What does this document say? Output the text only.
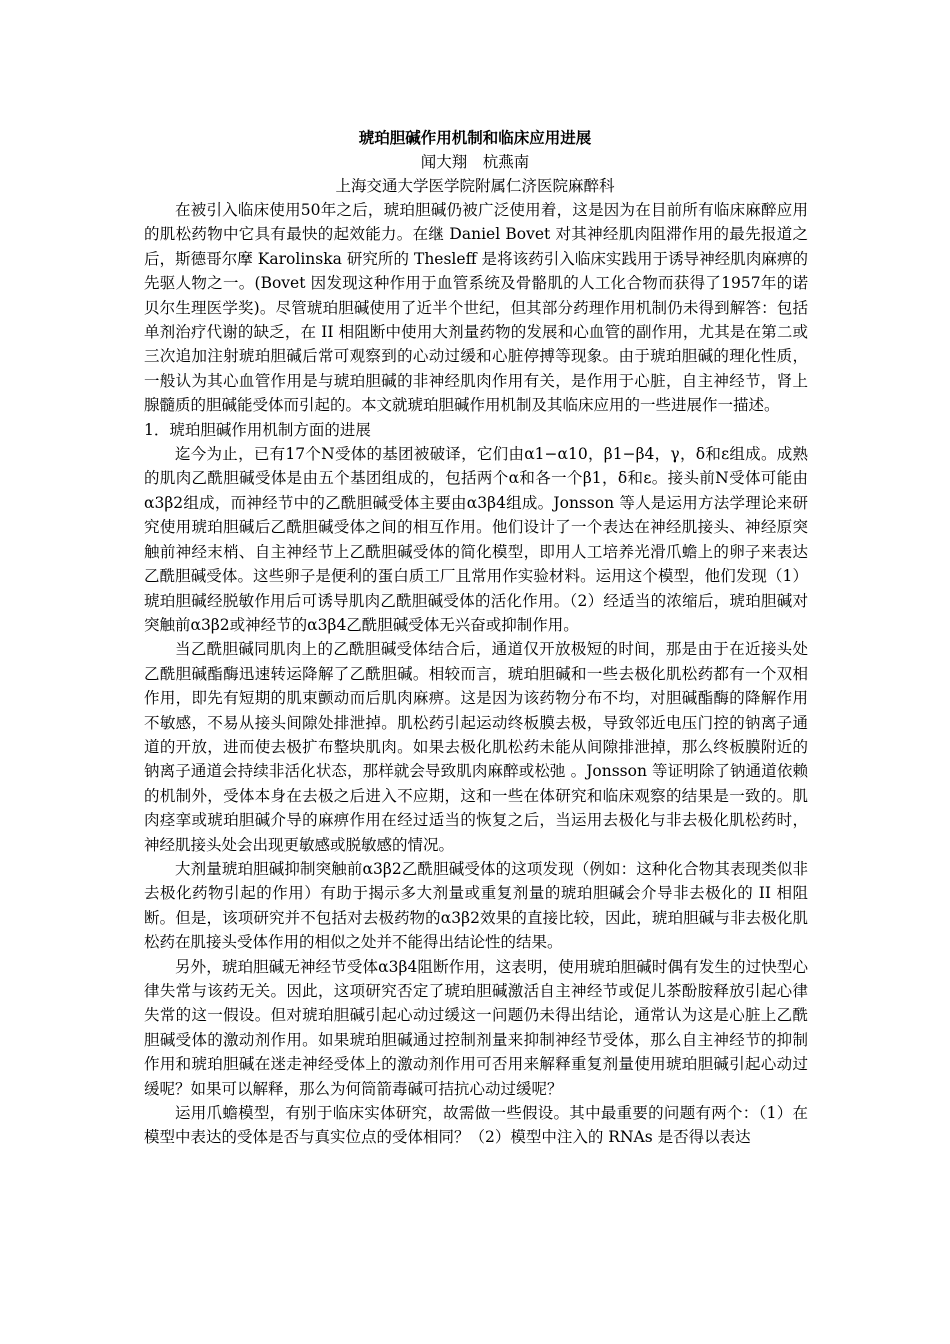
琥珀胆碱作用机制和临床应用进展
闻大翔　杭燕南
上海交通大学医学院附属仁济医院麻醉科

在被引入临床使用50年之后，琥珀胆碱仍被广泛使用着，这是因为在目前所有临床麻醉应用的肌松药物中它具有最快的起效能力。在继 Daniel Bovet 对其神经肌肉阻滞作用的最先报道之后，斯德哥尔摩 Karolinska 研究所的 Thesleff 是将该药引入临床实践用于诱导神经肌肉麻痹的先驱人物之一。(Bovet 因发现这种作用于血管系统及骨骼肌的人工化合物而获得了1957年的诺贝尔生理医学奖)。尽管琥珀胆碱使用了近半个世纪，但其部分药理作用机制仍未得到解答：包括单剂治疗代谢的缺乏，在 II 相阻断中使用大剂量药物的发展和心血管的副作用，尤其是在第二或三次追加注射琥珀胆碱后常可观察到的心动过缓和心脏停搏等现象。由于琥珀胆碱的理化性质，一般认为其心血管作用是与琥珀胆碱的非神经肌肉作用有关，是作用于心脏，自主神经节，肾上腺髓质的胆碱能受体而引起的。本文就琥珀胆碱作用机制及其临床应用的一些进展作一描述。

1．琥珀胆碱作用机制方面的进展

迄今为止，已有17个N受体的基团被破译，它们由α1−α10，β1−β4，γ，δ和ε组成。成熟的肌肉乙酰胆碱受体是由五个基团组成的，包括两个α和各一个β1，δ和ε。接头前N受体可能由α3β2组成，而神经节中的乙酰胆碱受体主要由α3β4组成。Jonsson 等人是运用方法学理论来研究使用琥珀胆碱后乙酰胆碱受体之间的相互作用。他们设计了一个表达在神经肌接头、神经原突触前神经末梢、自主神经节上乙酰胆碱受体的简化模型，即用人工培养光滑爪蟾上的卵子来表达乙酰胆碱受体。这些卵子是便利的蛋白质工厂且常用作实验材料。运用这个模型，他们发现（1）琥珀胆碱经脱敏作用后可诱导肌肉乙酰胆碱受体的活化作用。（2）经适当的浓缩后，琥珀胆碱对突触前α3β2或神经节的α3β4乙酰胆碱受体无兴奋或抑制作用。

当乙酰胆碱同肌肉上的乙酰胆碱受体结合后，通道仅开放极短的时间，那是由于在近接头处乙酰胆碱酯酶迅速转运降解了乙酰胆碱。相较而言，琥珀胆碱和一些去极化肌松药都有一个双相作用，即先有短期的肌束颤动而后肌肉麻痹。这是因为该药物分布不均，对胆碱酯酶的降解作用不敏感，不易从接头间隙处排泄掉。肌松药引起运动终板膜去极，导致邻近电压门控的钠离子通道的开放，进而使去极扩布整块肌肉。如果去极化肌松药未能从间隙排泄掉，那么终板膜附近的钠离子通道会持续非活化状态，那样就会导致肌肉麻醉或松弛 。Jonsson 等证明除了钠通道依赖的机制外，受体本身在去极之后进入不应期，这和一些在体研究和临床观察的结果是一致的。肌肉痉挛或琥珀胆碱介导的麻痹作用在经过适当的恢复之后，当运用去极化与非去极化肌松药时，神经肌接头处会出现更敏感或脱敏感的情况。

大剂量琥珀胆碱抑制突触前α3β2乙酰胆碱受体的这项发现（例如：这种化合物其表现类似非去极化药物引起的作用）有助于揭示多大剂量或重复剂量的琥珀胆碱会介导非去极化的 II 相阻断。但是，该项研究并不包括对去极药物的α3β2效果的直接比较，因此，琥珀胆碱与非去极化肌松药在肌接头受体作用的相似之处并不能得出结论性的结果。

另外，琥珀胆碱无神经节受体α3β4阻断作用，这表明，使用琥珀胆碱时偶有发生的过快型心律失常与该药无关。因此，这项研究否定了琥珀胆碱激活自主神经节或促儿茶酚胺释放引起心律失常的这一假设。但对琥珀胆碱引起心动过缓这一问题仍未得出结论，通常认为这是心脏上乙酰胆碱受体的激动剂作用。如果琥珀胆碱通过控制剂量来抑制神经节受体，那么自主神经节的抑制作用和琥珀胆碱在迷走神经受体上的激动剂作用可否用来解释重复剂量使用琥珀胆碱引起心动过缓呢？如果可以解释，那么为何筒箭毒碱可拮抗心动过缓呢？

运用爪蟾模型，有别于临床实体研究，故需做一些假设。其中最重要的问题有两个：（1）在模型中表达的受体是否与真实位点的受体相同？（2）模型中注入的 RNAs 是否得以表达
